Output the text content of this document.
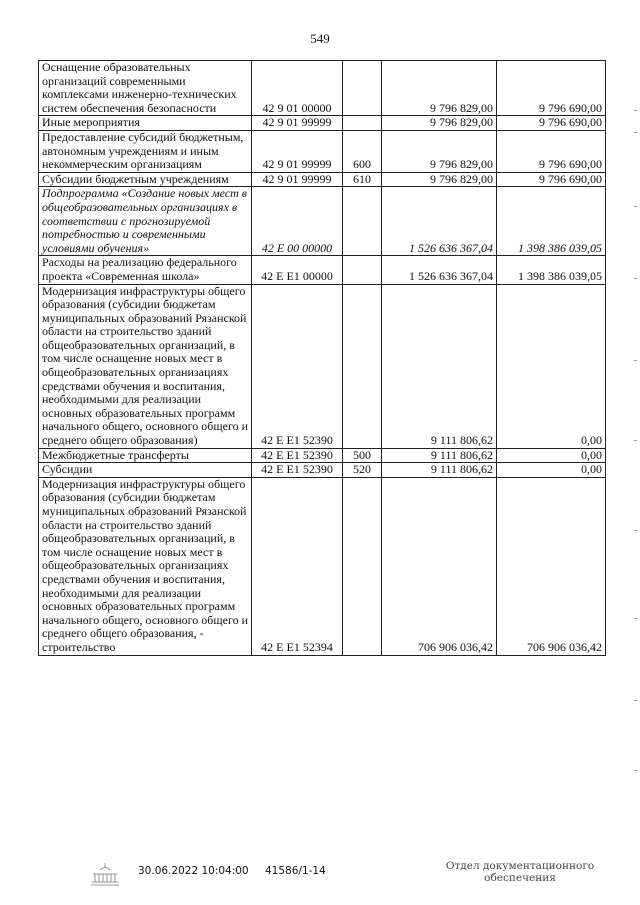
549
Оснащение образовательных организаций современными комплексами инженерно-технических систем обеспечения безопасности	42 9 01 00000		9 796 829,00	9 796 690,00
Иные мероприятия	42 9 01 99999		9 796 829,00	9 796 690,00
Предоставление субсидий бюджетным, автономным учреждениям и иным некоммерческим организациям	42 9 01 99999	600	9 796 829,00	9 796 690,00
Субсидии бюджетным учреждениям	42 9 01 99999	610	9 796 829,00	9 796 690,00
Подпрограмма «Создание новых мест в общеобразовательных организациях в соответствии с прогнозируемой потребностью и современными условиями обучения»	42 Е 00 00000		1 526 636 367,04	1 398 386 039,05
Расходы на реализацию федерального проекта «Современная школа»	42 Е Е1 00000		1 526 636 367,04	1 398 386 039,05
Модернизация инфраструктуры общего образования (субсидии бюджетам муниципальных образований Рязанской области на строительство зданий общеобразовательных организаций, в том числе оснащение новых мест в общеобразовательных организациях средствами обучения и воспитания, необходимыми для реализации основных образовательных программ начального общего, основного общего и среднего общего образования)	42 Е Е1 52390		9 111 806,62	0,00
Межбюджетные трансферты	42 Е Е1 52390	500	9 111 806,62	0,00
Субсидии	42 Е Е1 52390	520	9 111 806,62	0,00
Модернизация инфраструктуры общего образования (субсидии бюджетам муниципальных образований Рязанской области на строительство зданий общеобразовательных организаций, в том числе оснащение новых мест в общеобразовательных организациях средствами обучения и воспитания, необходимыми для реализации основных образовательных программ начального общего, основного общего и среднего общего образования, - строительство	42 Е Е1 52394		706 906 036,42	706 906 036,42
30.06.2022 10:04:00 41586/1-14	Отдел документационного обеспечения
